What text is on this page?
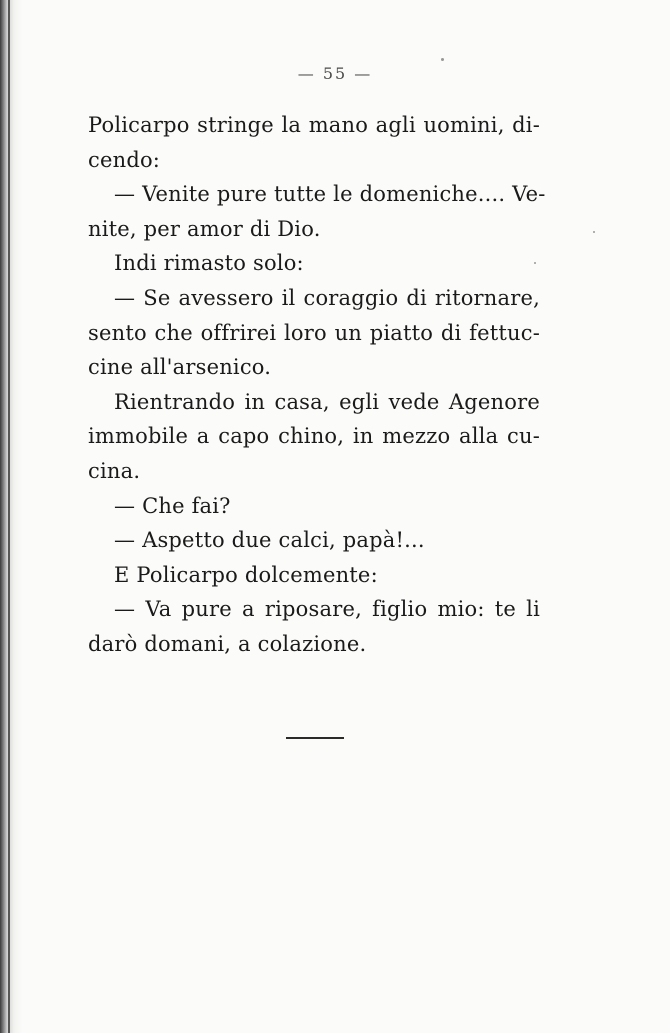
— 55 —
Policarpo stringe la mano agli uomini, di-
cendo:
— Venite pure tutte le domeniche.... Ve-
nite, per amor di Dio.
Indi rimasto solo:
— Se avessero il coraggio di ritornare,
sento che offrirei loro un piatto di fettuc-
cine all'arsenico.
Rientrando in casa, egli vede Agenore
immobile a capo chino, in mezzo alla cu-
cina.
— Che fai?
— Aspetto due calci, papà!...
E Policarpo dolcemente:
— Va pure a riposare, figlio mio: te li
darò domani, a colazione.
